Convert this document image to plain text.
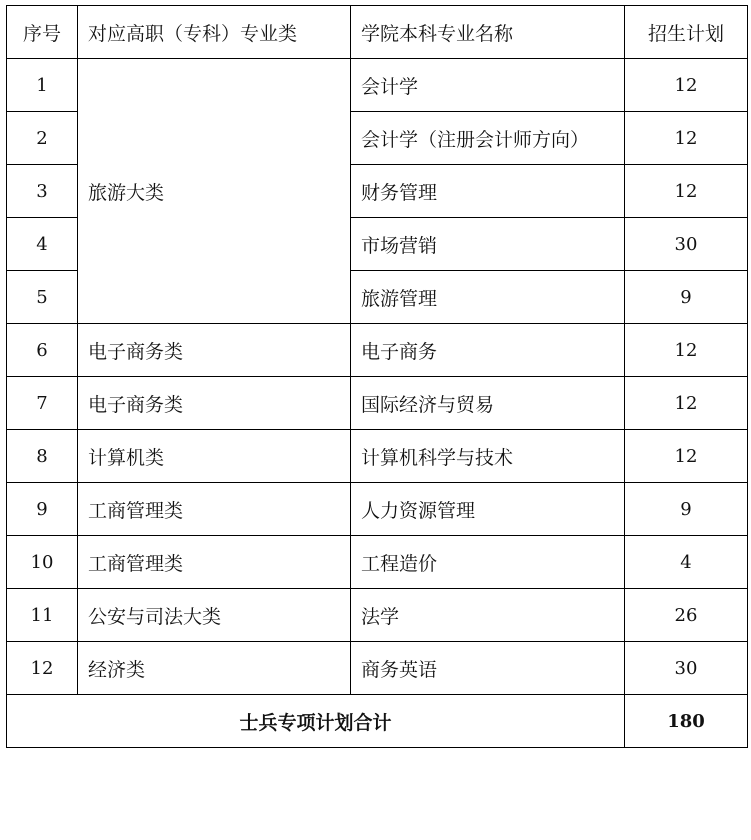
序号	对应高职（专科）专业类	学院本科专业名称	招生计划
1	旅游大类	会计学	12
2		会计学（注册会计师方向）	12
3		财务管理	12
4		市场营销	30
5		旅游管理	9
6	电子商务类	电子商务	12
7	电子商务类	国际经济与贸易	12
8	计算机类	计算机科学与技术	12
9	工商管理类	人力资源管理	9
10	工商管理类	工程造价	4
11	公安与司法大类	法学	26
12	经济类	商务英语	30
士兵专项计划合计			180
